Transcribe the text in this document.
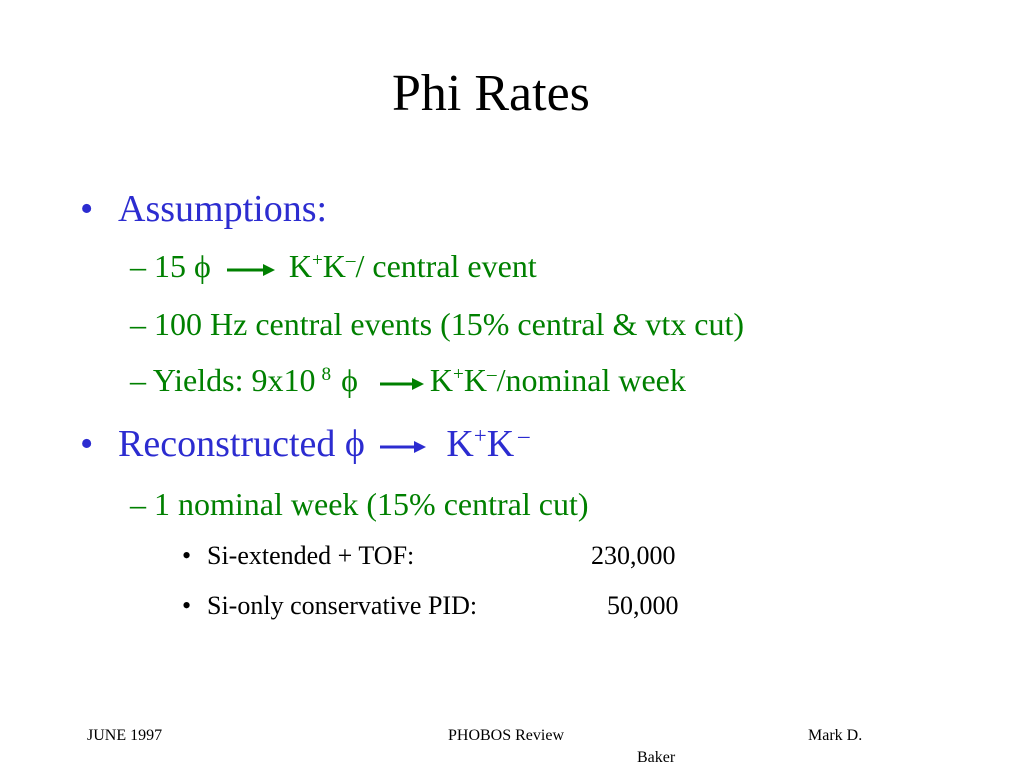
Phi Rates
• Assumptions:
– 15 ϕ K+K–/ central event
– 100 Hz central events (15% central & vtx cut)
– Yields: 9x10 $^8$ ϕ K+K–/nominal week
• Reconstructed ϕ K+K –
– 1 nominal week (15% central cut)
• Si-extended + TOF:	230,000
• Si-only conservative PID:	50,000
JUNE 1997	PHOBOS Review	Mark D.
Baker
